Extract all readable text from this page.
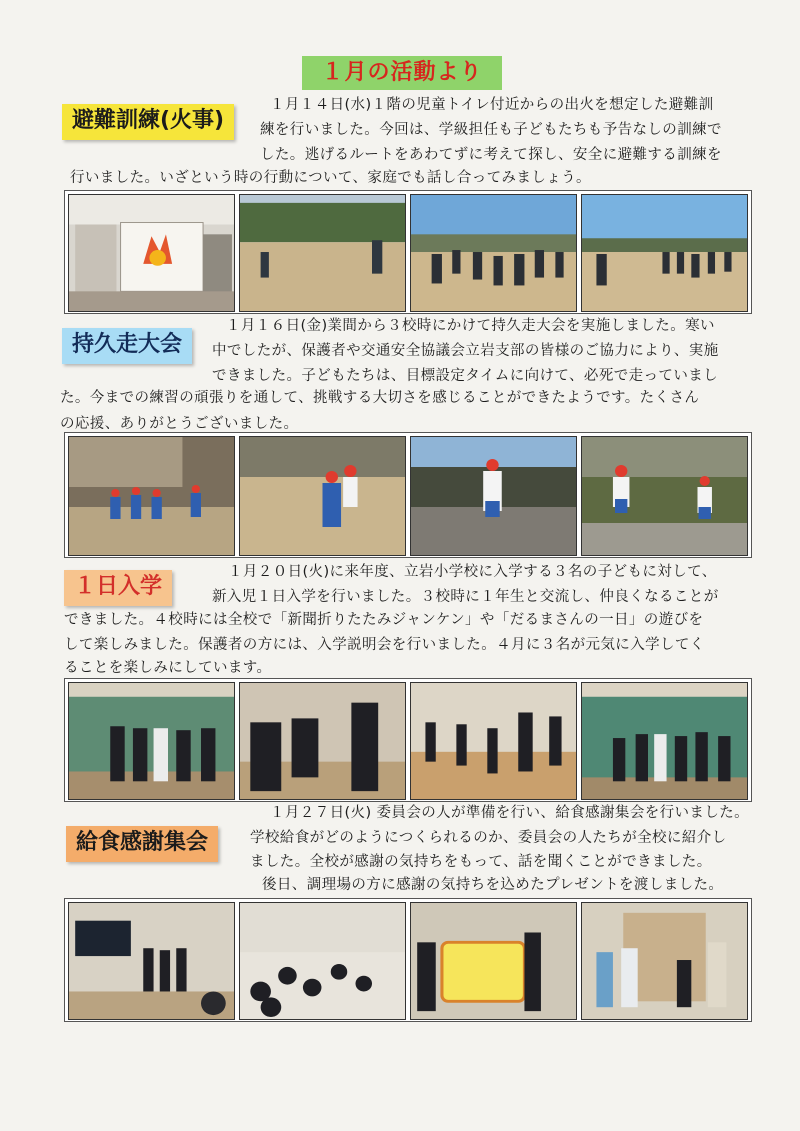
１月の活動より
避難訓練(火事)
１月１４日(水)１階の児童トイレ付近からの出火を想定した避難訓
練を行いました。今回は、学級担任も子どもたちも予告なしの訓練で
した。逃げるルートをあわてずに考えて探し、安全に避難する訓練を
行いました。いざという時の行動について、家庭でも話し合ってみましょう。
持久走大会
１月１６日(金)業間から３校時にかけて持久走大会を実施しました。寒い
中でしたが、保護者や交通安全協議会立岩支部の皆様のご協力により、実施
できました。子どもたちは、目標設定タイムに向けて、必死で走っていまし
た。今までの練習の頑張りを通して、挑戦する大切さを感じることができたようです。たくさん
の応援、ありがとうございました。
１日入学
１月２０日(火)に来年度、立岩小学校に入学する３名の子どもに対して、
新入児１日入学を行いました。３校時に１年生と交流し、仲良くなることが
できました。４校時には全校で「新聞折りたたみジャンケン」や「だるまさんの一日」の遊びを
して楽しみました。保護者の方には、入学説明会を行いました。４月に３名が元気に入学してく
ることを楽しみにしています。
給食感謝集会
１月２７日(火) 委員会の人が準備を行い、給食感謝集会を行いました。
学校給食がどのようにつくられるのか、委員会の人たちが全校に紹介し
ました。全校が感謝の気持ちをもって、話を聞くことができました。
後日、調理場の方に感謝の気持ちを込めたプレゼントを渡しました。
